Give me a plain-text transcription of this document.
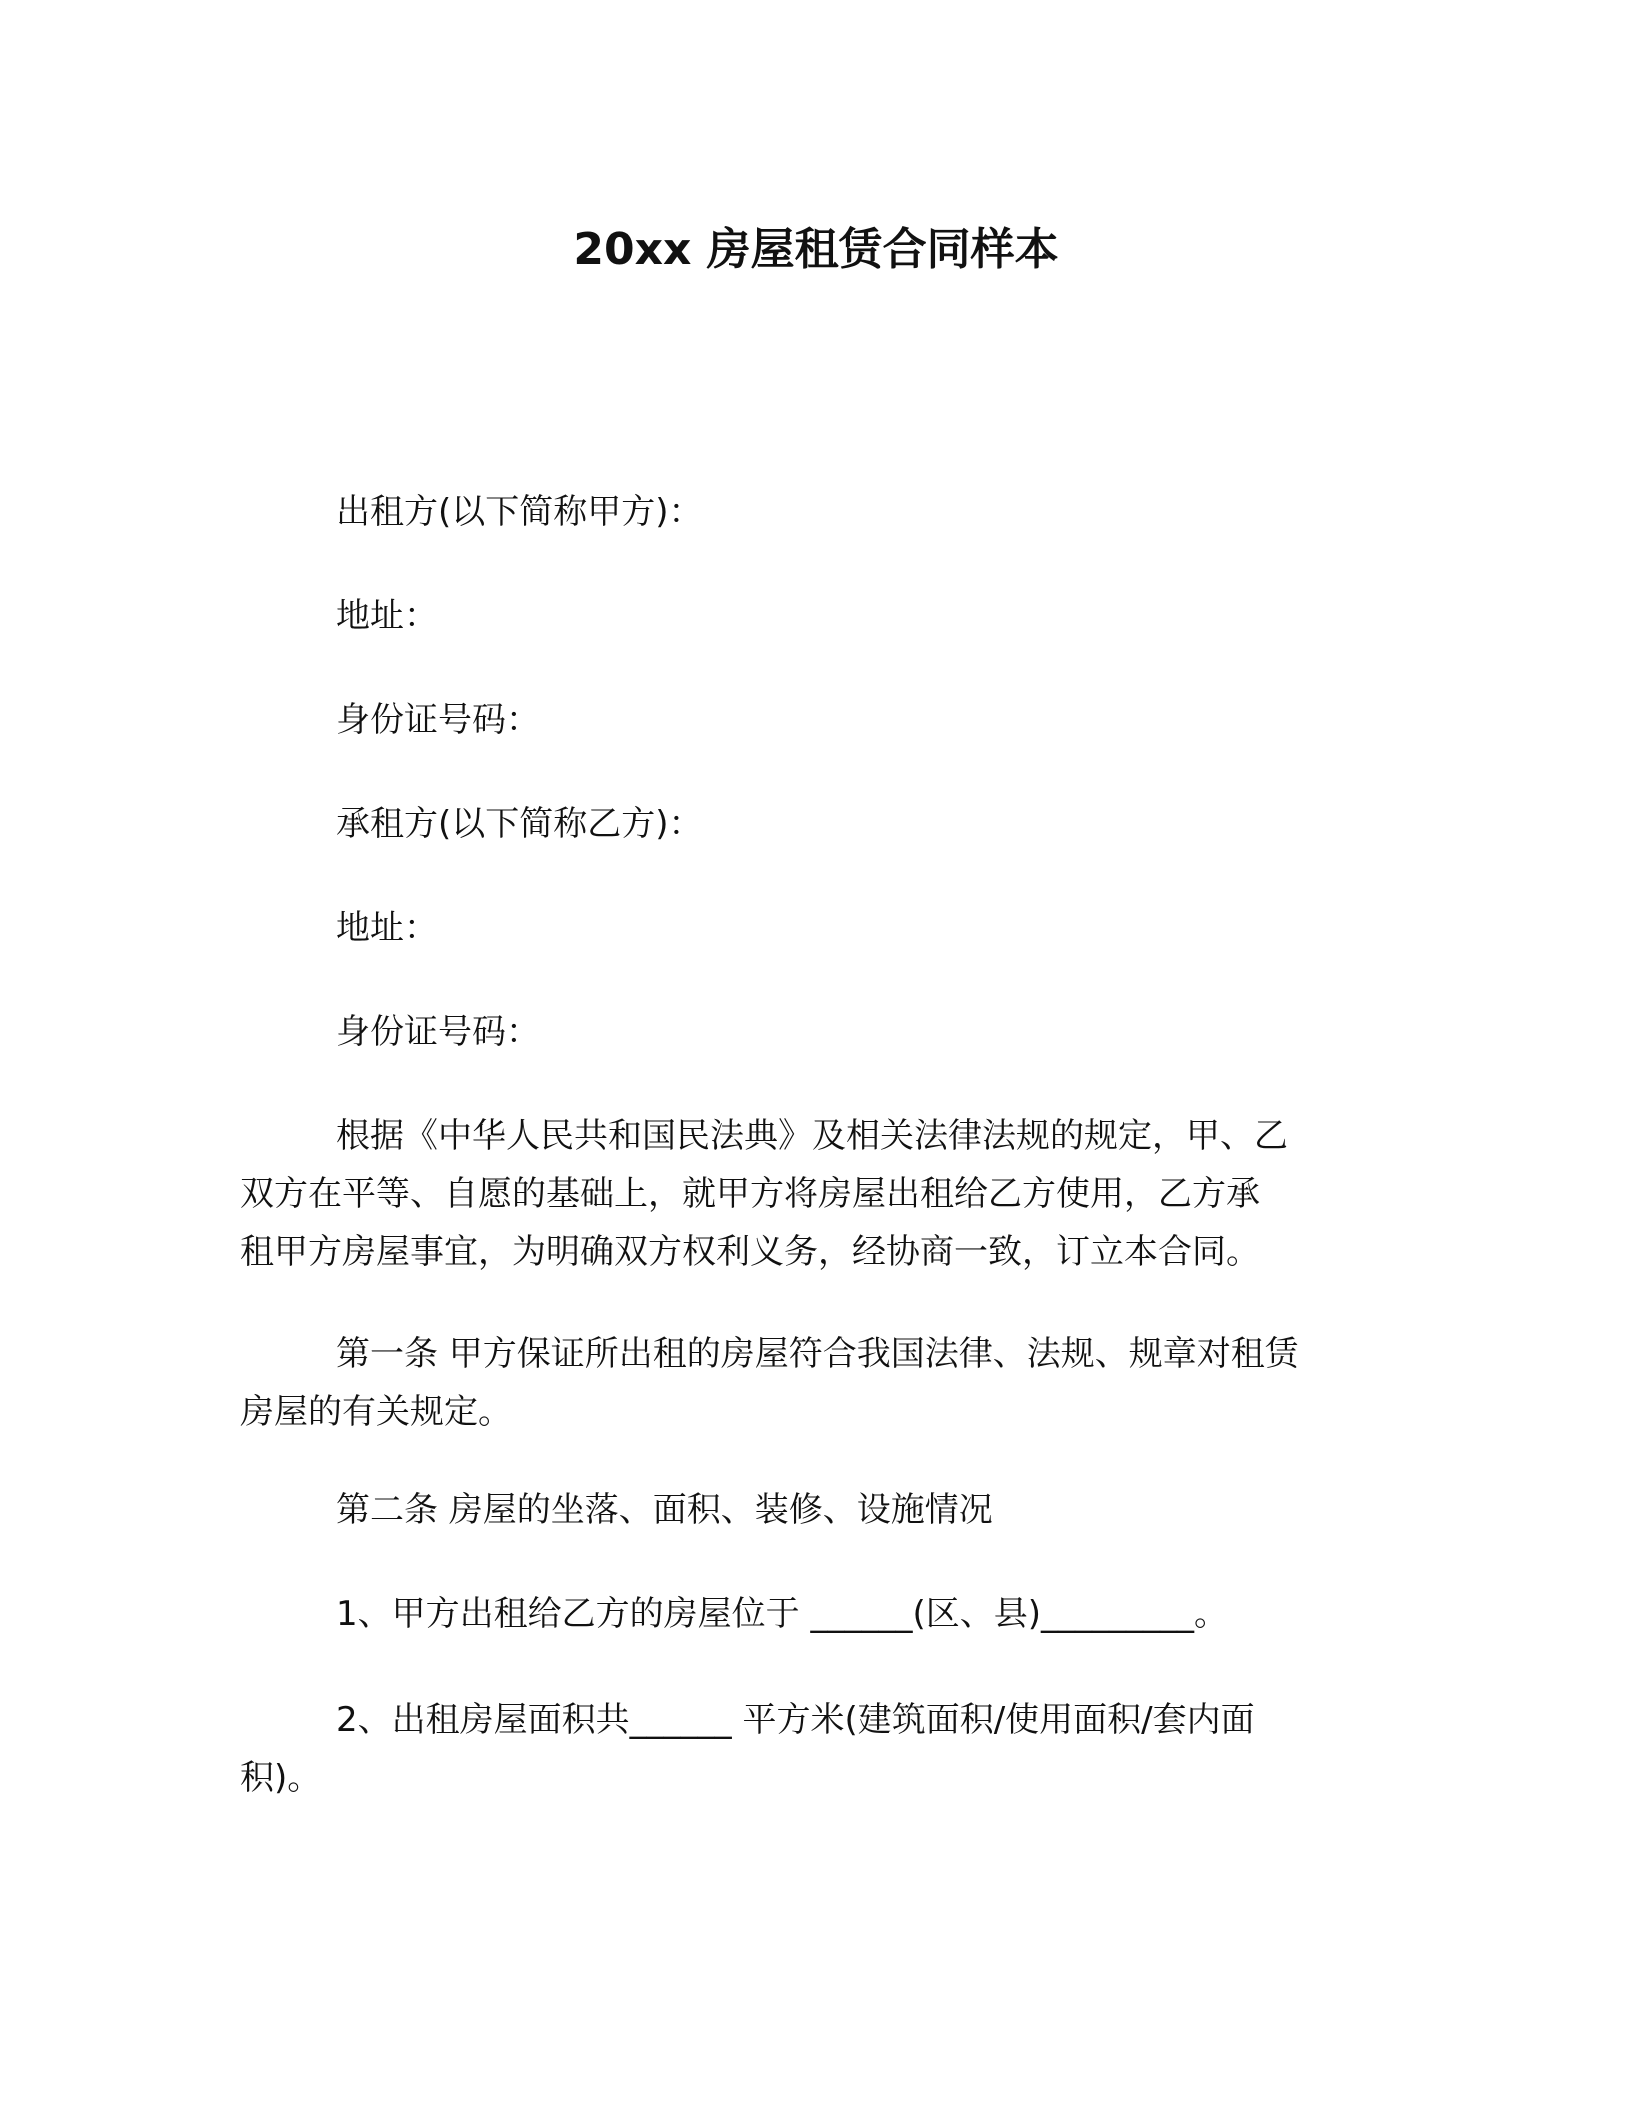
20xx 房屋租赁合同样本

出租方(以下简称甲方)：

地址：

身份证号码：

承租方(以下简称乙方)：

地址：

身份证号码：

根据《中华人民共和国民法典》及相关法律法规的规定，甲、乙
双方在平等、自愿的基础上，就甲方将房屋出租给乙方使用，乙方承
租甲方房屋事宜，为明确双方权利义务，经协商一致，订立本合同。

第一条 甲方保证所出租的房屋符合我国法律、法规、规章对租赁
房屋的有关规定。

第二条 房屋的坐落、面积、装修、设施情况

1、甲方出租给乙方的房屋位于 ______(区、县)_________。

2、出租房屋面积共______ 平方米(建筑面积/使用面积/套内面
积)。
